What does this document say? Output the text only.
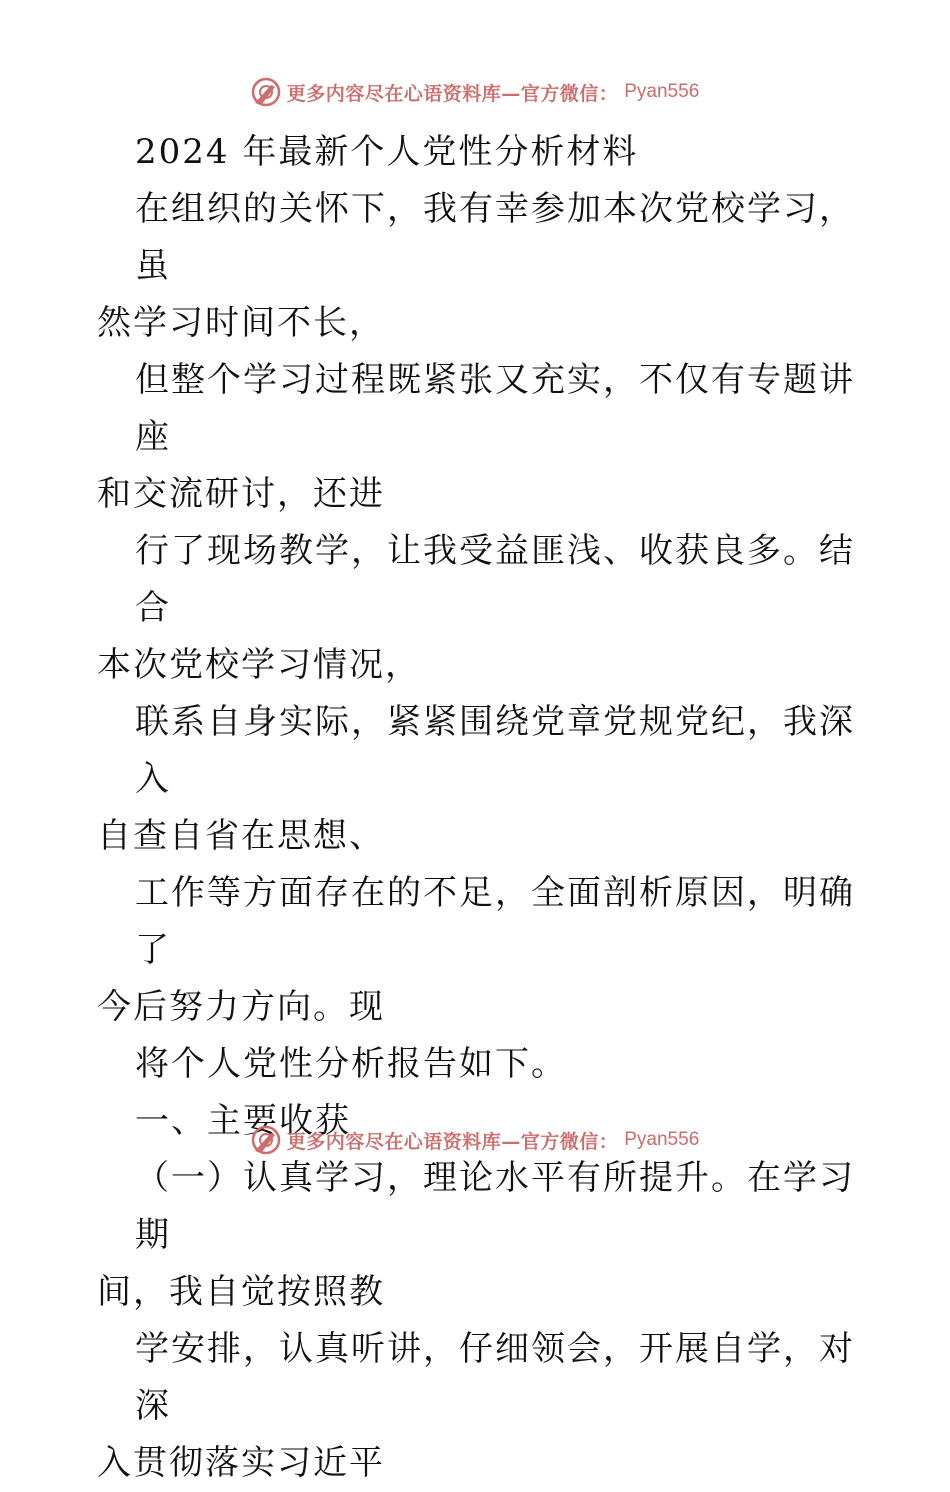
更多内容尽在心语资料库—官方微信： Pyan556

2024 年最新个人党性分析材料

在组织的关怀下，我有幸参加本次党校学习，虽

然学习时间不长，

但整个学习过程既紧张又充实，不仅有专题讲座

和交流研讨，还进

行了现场教学，让我受益匪浅、收获良多。结合

本次党校学习情况，

联系自身实际，紧紧围绕党章党规党纪，我深入

自查自省在思想、

工作等方面存在的不足，全面剖析原因，明确了

今后努力方向。现

将个人党性分析报告如下。

一、主要收获

（一）认真学习，理论水平有所提升。在学习期

间，我自觉按照教

学安排，认真听讲，仔细领会，开展自学，对深

入贯彻落实习近平

更多内容尽在心语资料库—官方微信： Pyan556
